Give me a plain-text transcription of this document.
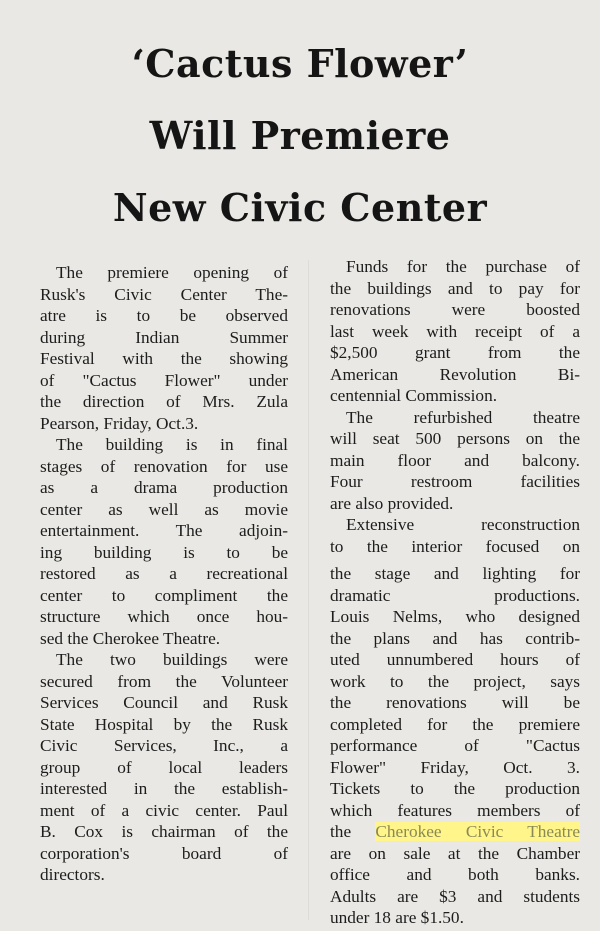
‘Cactus Flower’
Will Premiere
New Civic Center
The premiere opening of
Rusk's Civic Center The-
atre is to be observed
during Indian Summer
Festival with the showing
of "Cactus Flower" under
the direction of Mrs. Zula
Pearson, Friday, Oct.3.
The building is in final
stages of renovation for use
as a drama production
center as well as movie
entertainment. The adjoin-
ing building is to be
restored as a recreational
center to compliment the
structure which once hou-
sed the Cherokee Theatre.
The two buildings were
secured from the Volunteer
Services Council and Rusk
State Hospital by the Rusk
Civic Services, Inc., a
group of local leaders
interested in the establish-
ment of a civic center. Paul
B. Cox is chairman of the
corporation's board of
directors.
Funds for the purchase of
the buildings and to pay for
renovations were boosted
last week with receipt of a
$2,500 grant from the
American Revolution Bi-
centennial Commission.
The refurbished theatre
will seat 500 persons on the
main floor and balcony.
Four restroom facilities
are also provided.
Extensive reconstruction
to the interior focused on
the stage and lighting for
dramatic productions.
Louis Nelms, who designed
the plans and has contrib-
uted unnumbered hours of
work to the project, says
the renovations will be
completed for the premiere
performance of "Cactus
Flower" Friday, Oct. 3.
Tickets to the production
which features members of
the Cherokee Civic Theatre
are on sale at the Chamber
office and both banks.
Adults are $3 and students
under 18 are $1.50.
